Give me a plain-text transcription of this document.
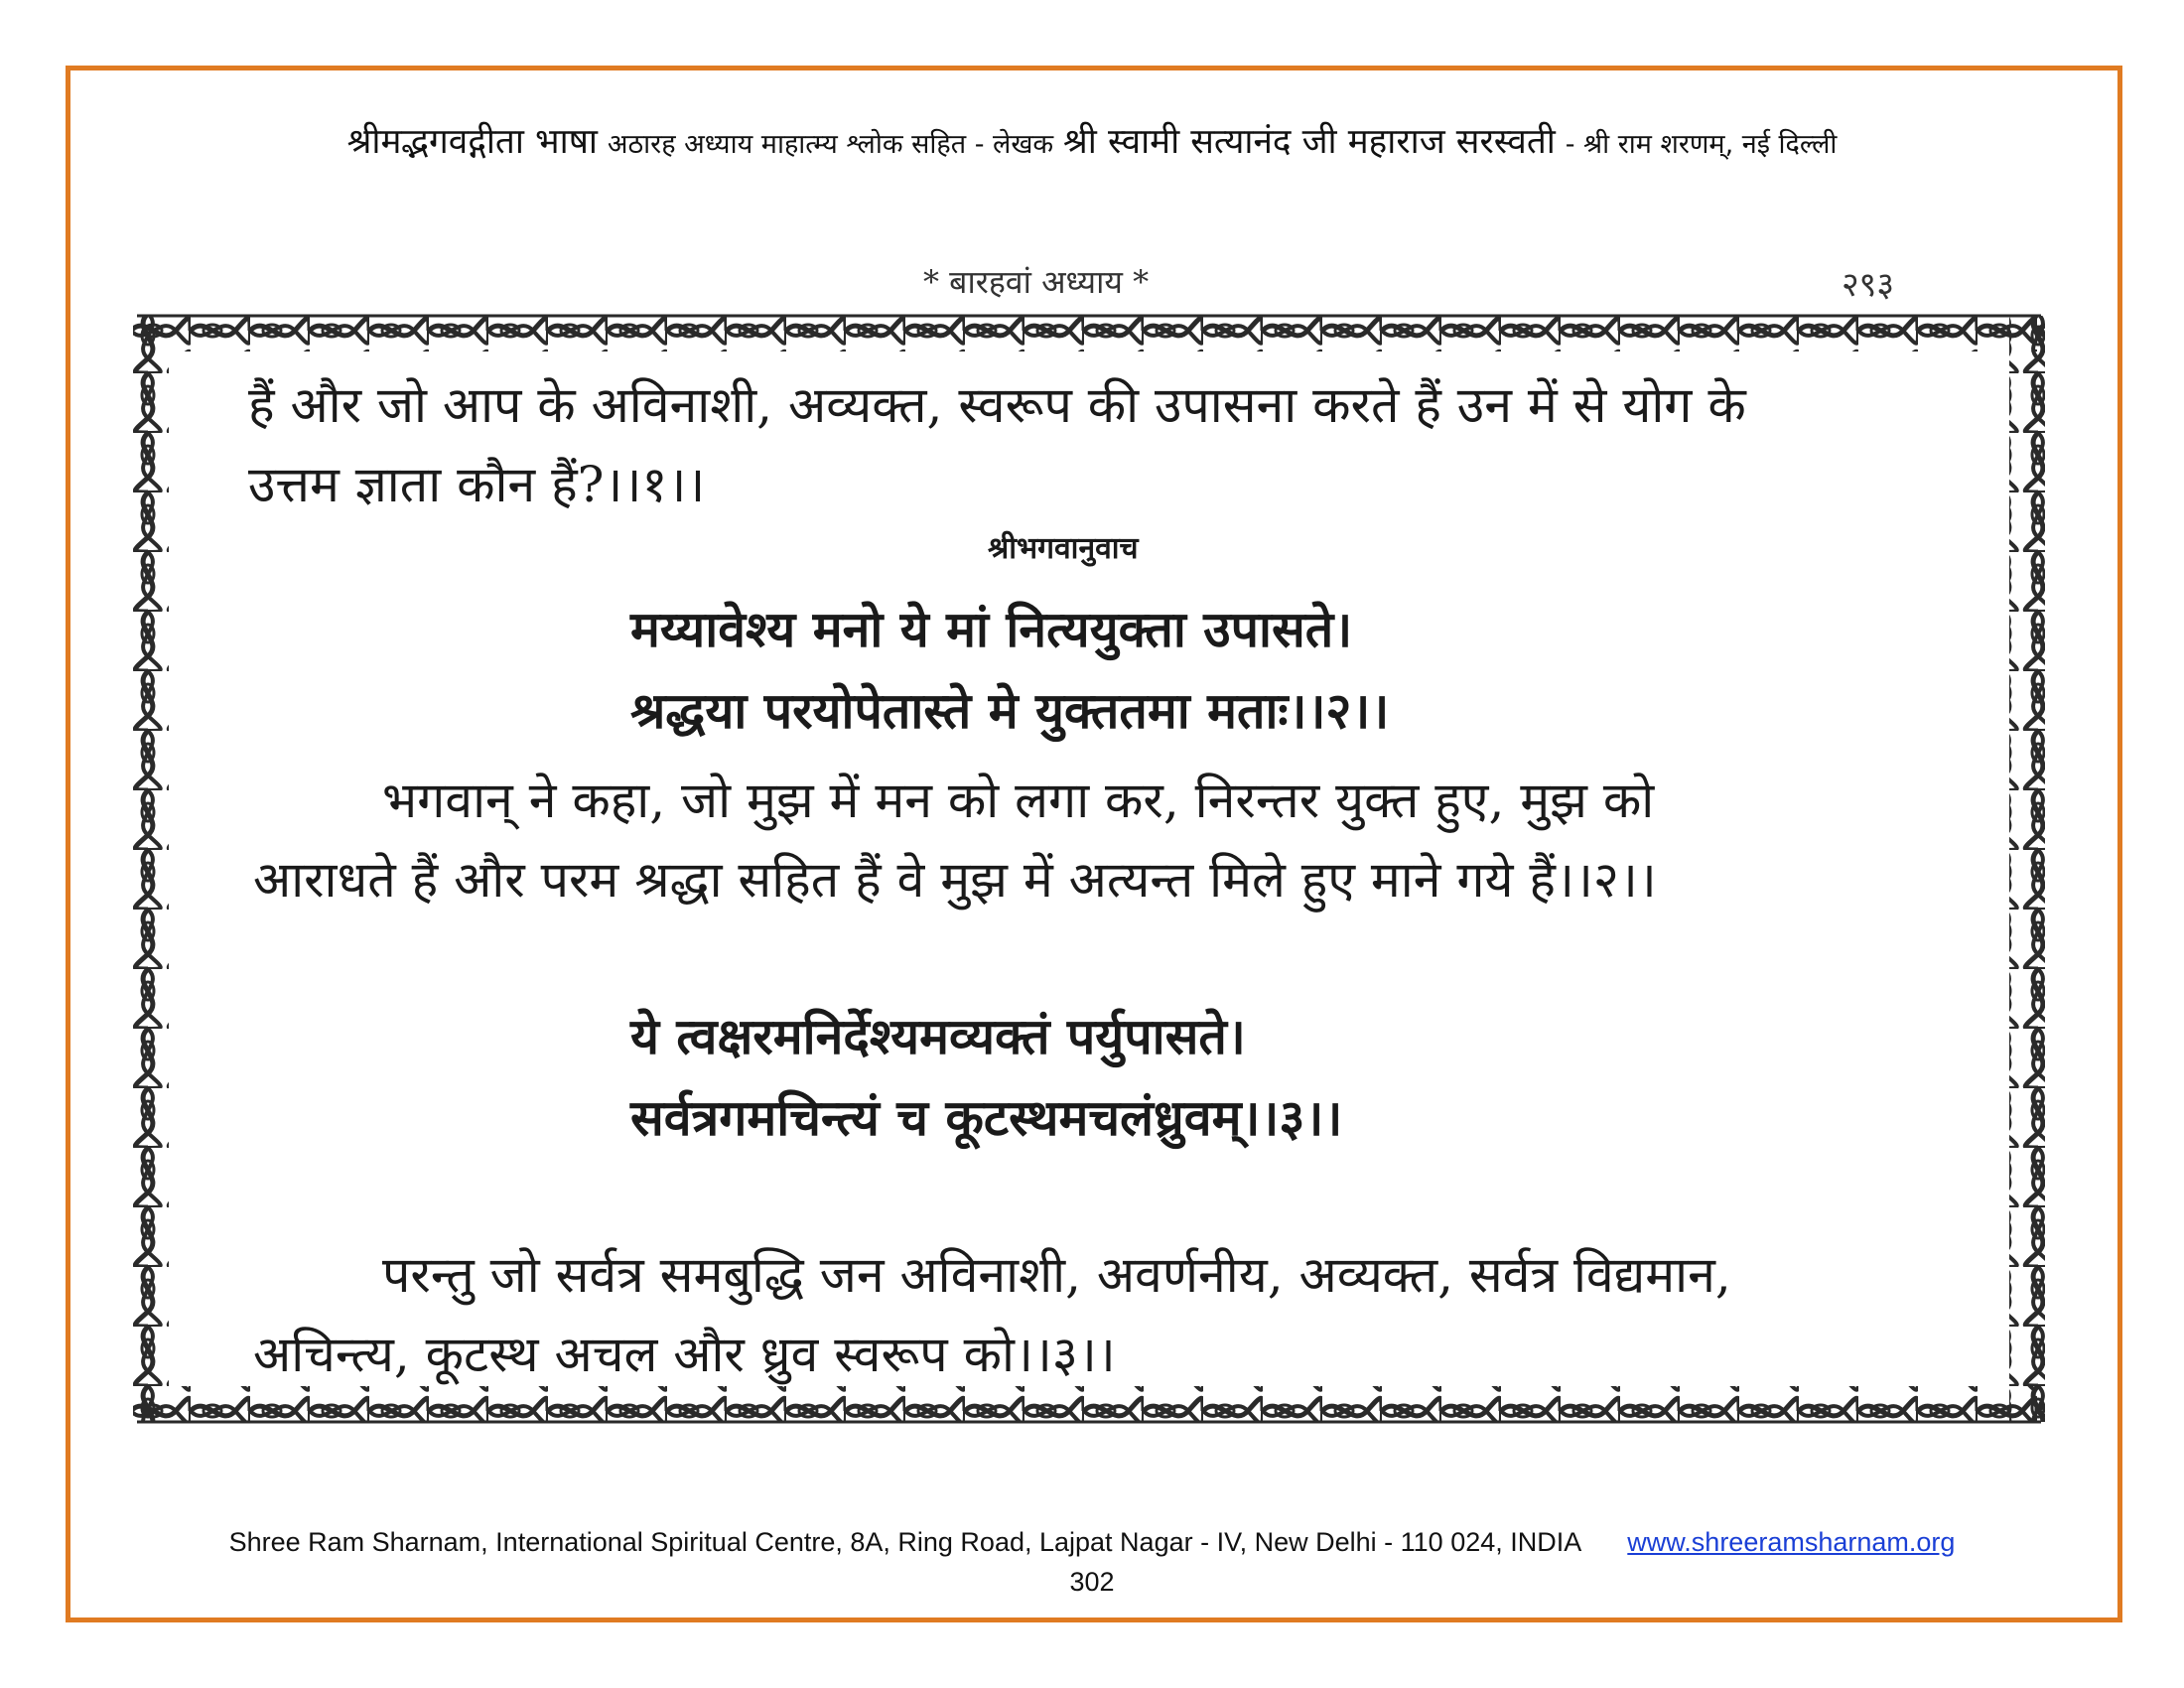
श्रीमद्भगवद्गीता भाषा अठारह अध्याय माहात्म्य श्लोक सहित - लेखक श्री स्वामी सत्यानंद जी महाराज सरस्वती - श्री राम शरणम्, नई दिल्ली
* बारहवां अध्याय *	२९३
हैं और जो आप के अविनाशी, अव्यक्त, स्वरूप की उपासना करते हैं उन में से योग के
उत्तम ज्ञाता कौन हैं?।।१।।
श्रीभगवानुवाच
मय्यावेश्य मनो ये मां नित्ययुक्ता उपासते।
श्रद्धया परयोपेतास्ते मे युक्ततमा मताः।।२।।
भगवान् ने कहा, जो मुझ में मन को लगा कर, निरन्तर युक्त हुए, मुझ को
आराधते हैं और परम श्रद्धा सहित हैं वे मुझ में अत्यन्त मिले हुए माने गये हैं।।२।।
ये त्वक्षरमनिर्देश्यमव्यक्तं पर्युपासते।
सर्वत्रगमचिन्त्यं च कूटस्थमचलंध्रुवम्।।३।।
परन्तु जो सर्वत्र समबुद्धि जन अविनाशी, अवर्णनीय, अव्यक्त, सर्वत्र विद्यमान,
अचिन्त्य, कूटस्थ अचल और ध्रुव स्वरूप को।।३।।
Shree Ram Sharnam, International Spiritual Centre, 8A, Ring Road, Lajpat Nagar - IV, New Delhi - 110 024, INDIA www.shreeramsharnam.org
302
